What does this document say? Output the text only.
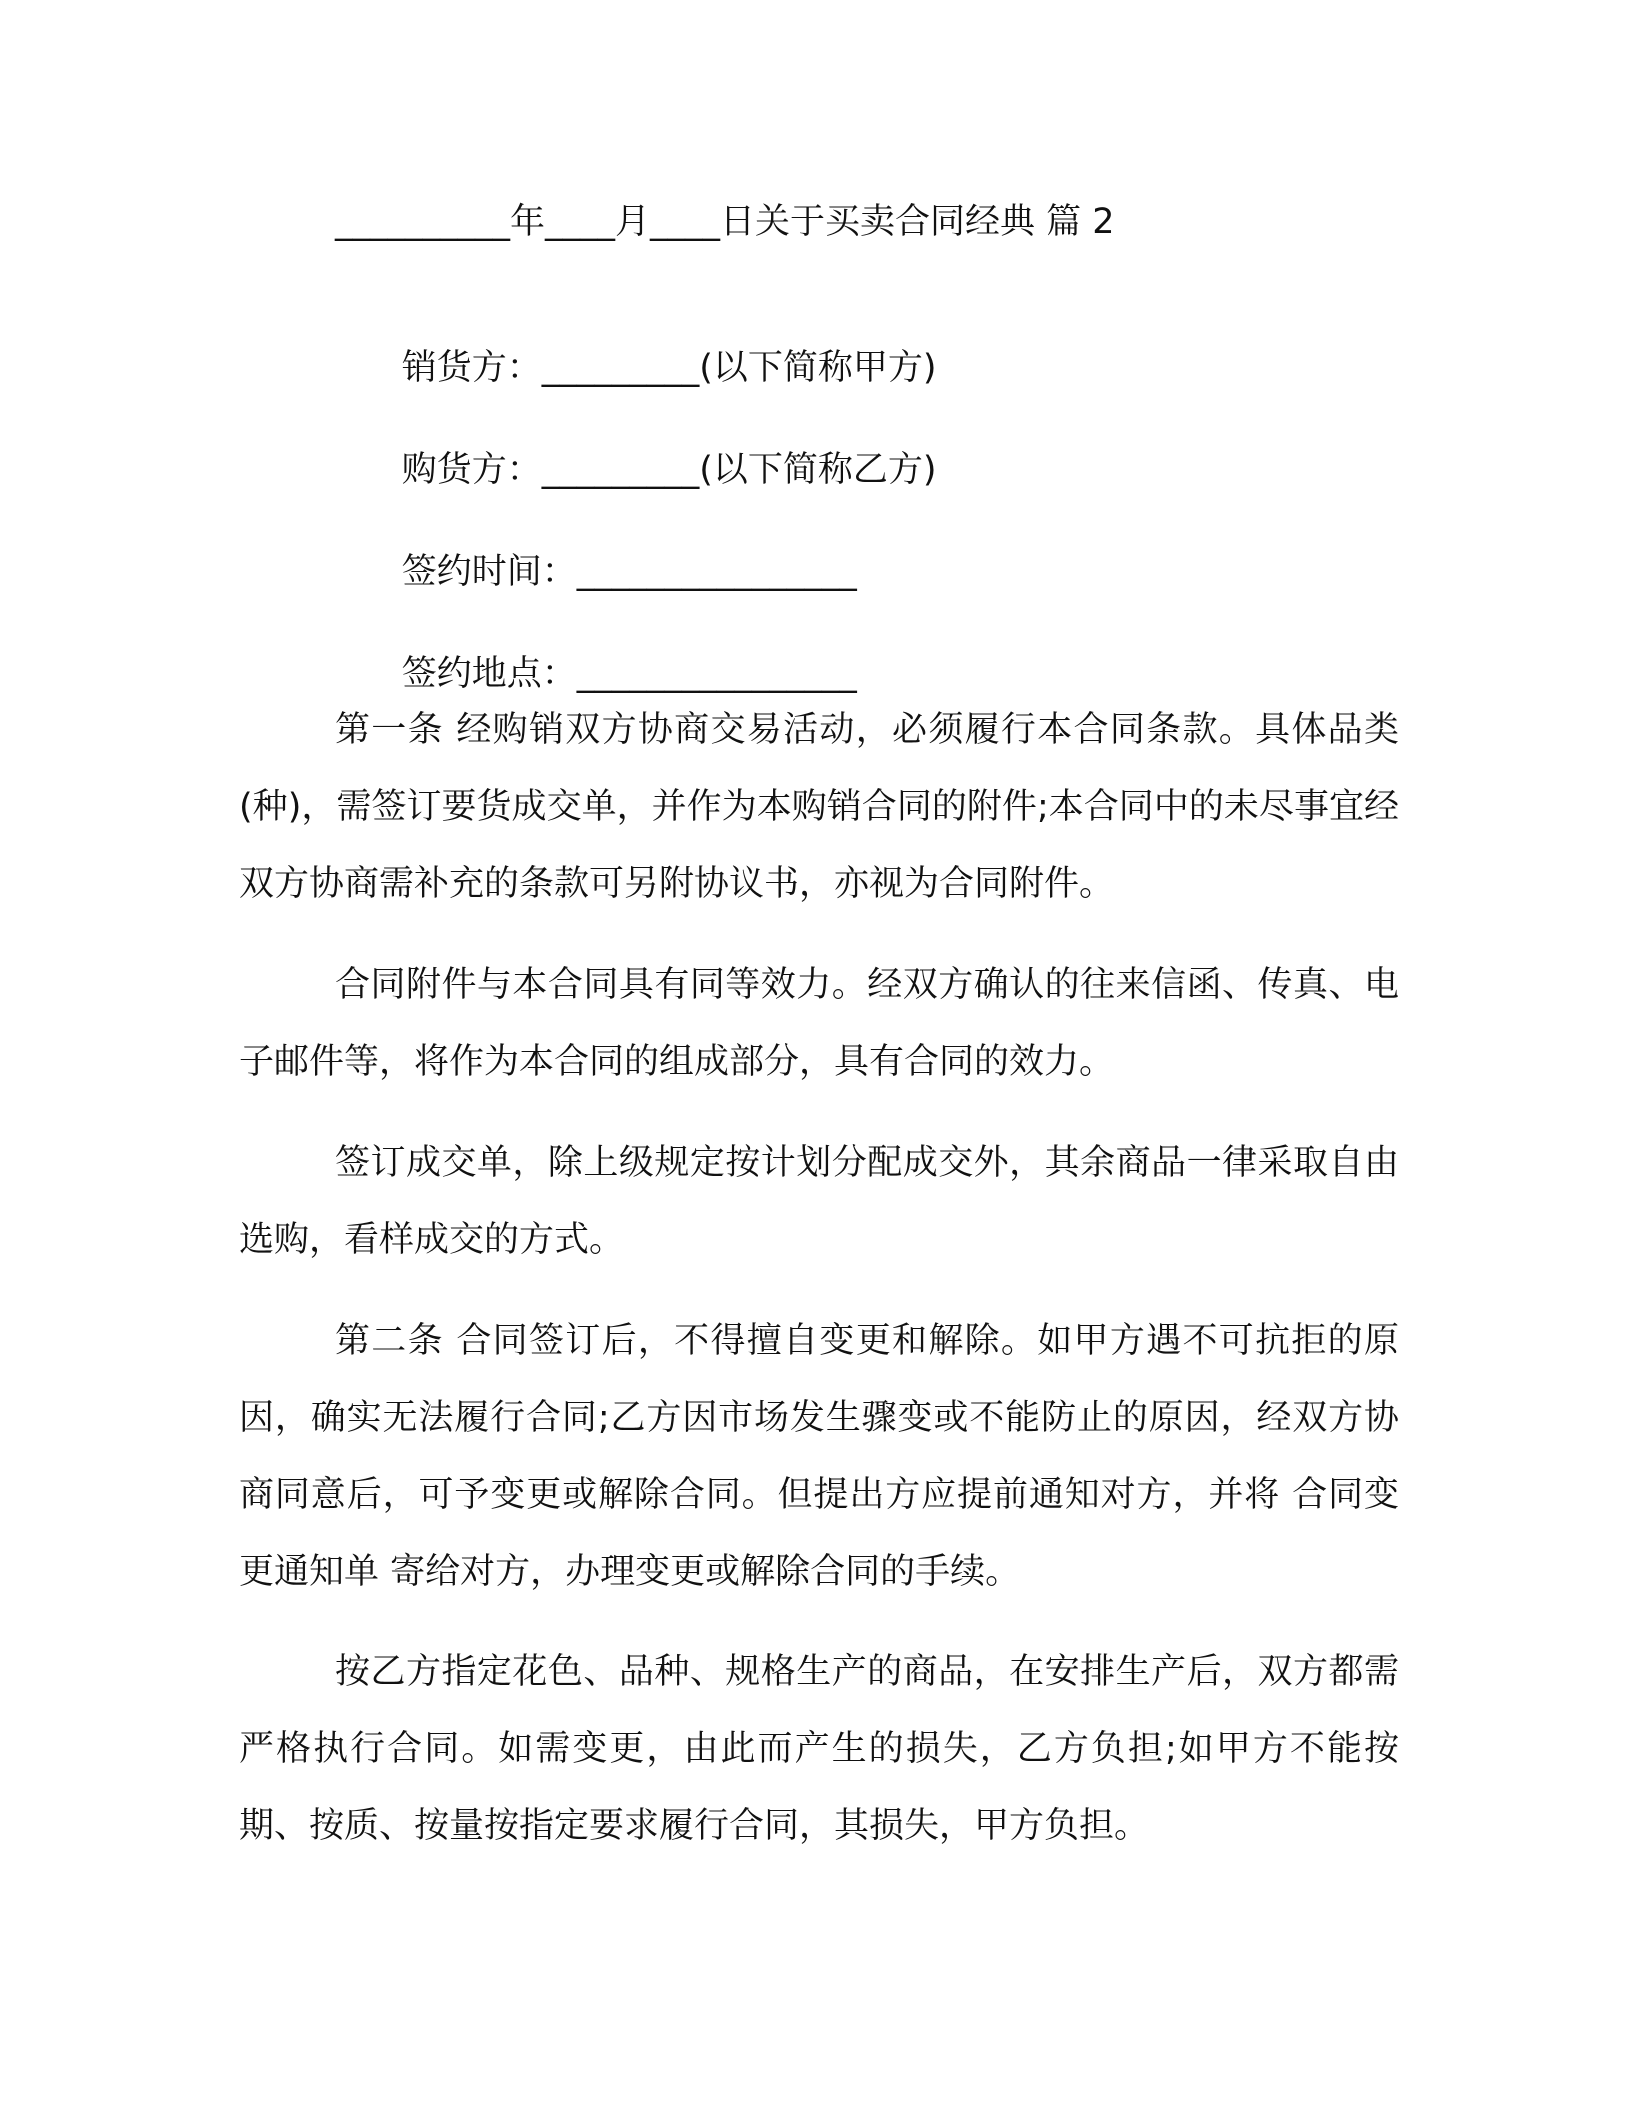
__________年____月____日关于买卖合同经典 篇 2

销货方：_________(以下简称甲方)

购货方：_________(以下简称乙方)

签约时间：________________

签约地点：________________

第一条 经购销双方协商交易活动，必须履行本合同条款。具体品类(种)，需签订要货成交单，并作为本购销合同的附件;本合同中的未尽事宜经双方协商需补充的条款可另附协议书，亦视为合同附件。

合同附件与本合同具有同等效力。经双方确认的往来信函、传真、电子邮件等，将作为本合同的组成部分，具有合同的效力。

签订成交单，除上级规定按计划分配成交外，其余商品一律采取自由选购，看样成交的方式。

第二条 合同签订后，不得擅自变更和解除。如甲方遇不可抗拒的原因，确实无法履行合同;乙方因市场发生骤变或不能防止的原因，经双方协商同意后，可予变更或解除合同。但提出方应提前通知对方，并将 合同变更通知单 寄给对方，办理变更或解除合同的手续。

按乙方指定花色、品种、规格生产的商品，在安排生产后，双方都需严格执行合同。如需变更，由此而产生的损失，乙方负担;如甲方不能按期、按质、按量按指定要求履行合同，其损失，甲方负担。
